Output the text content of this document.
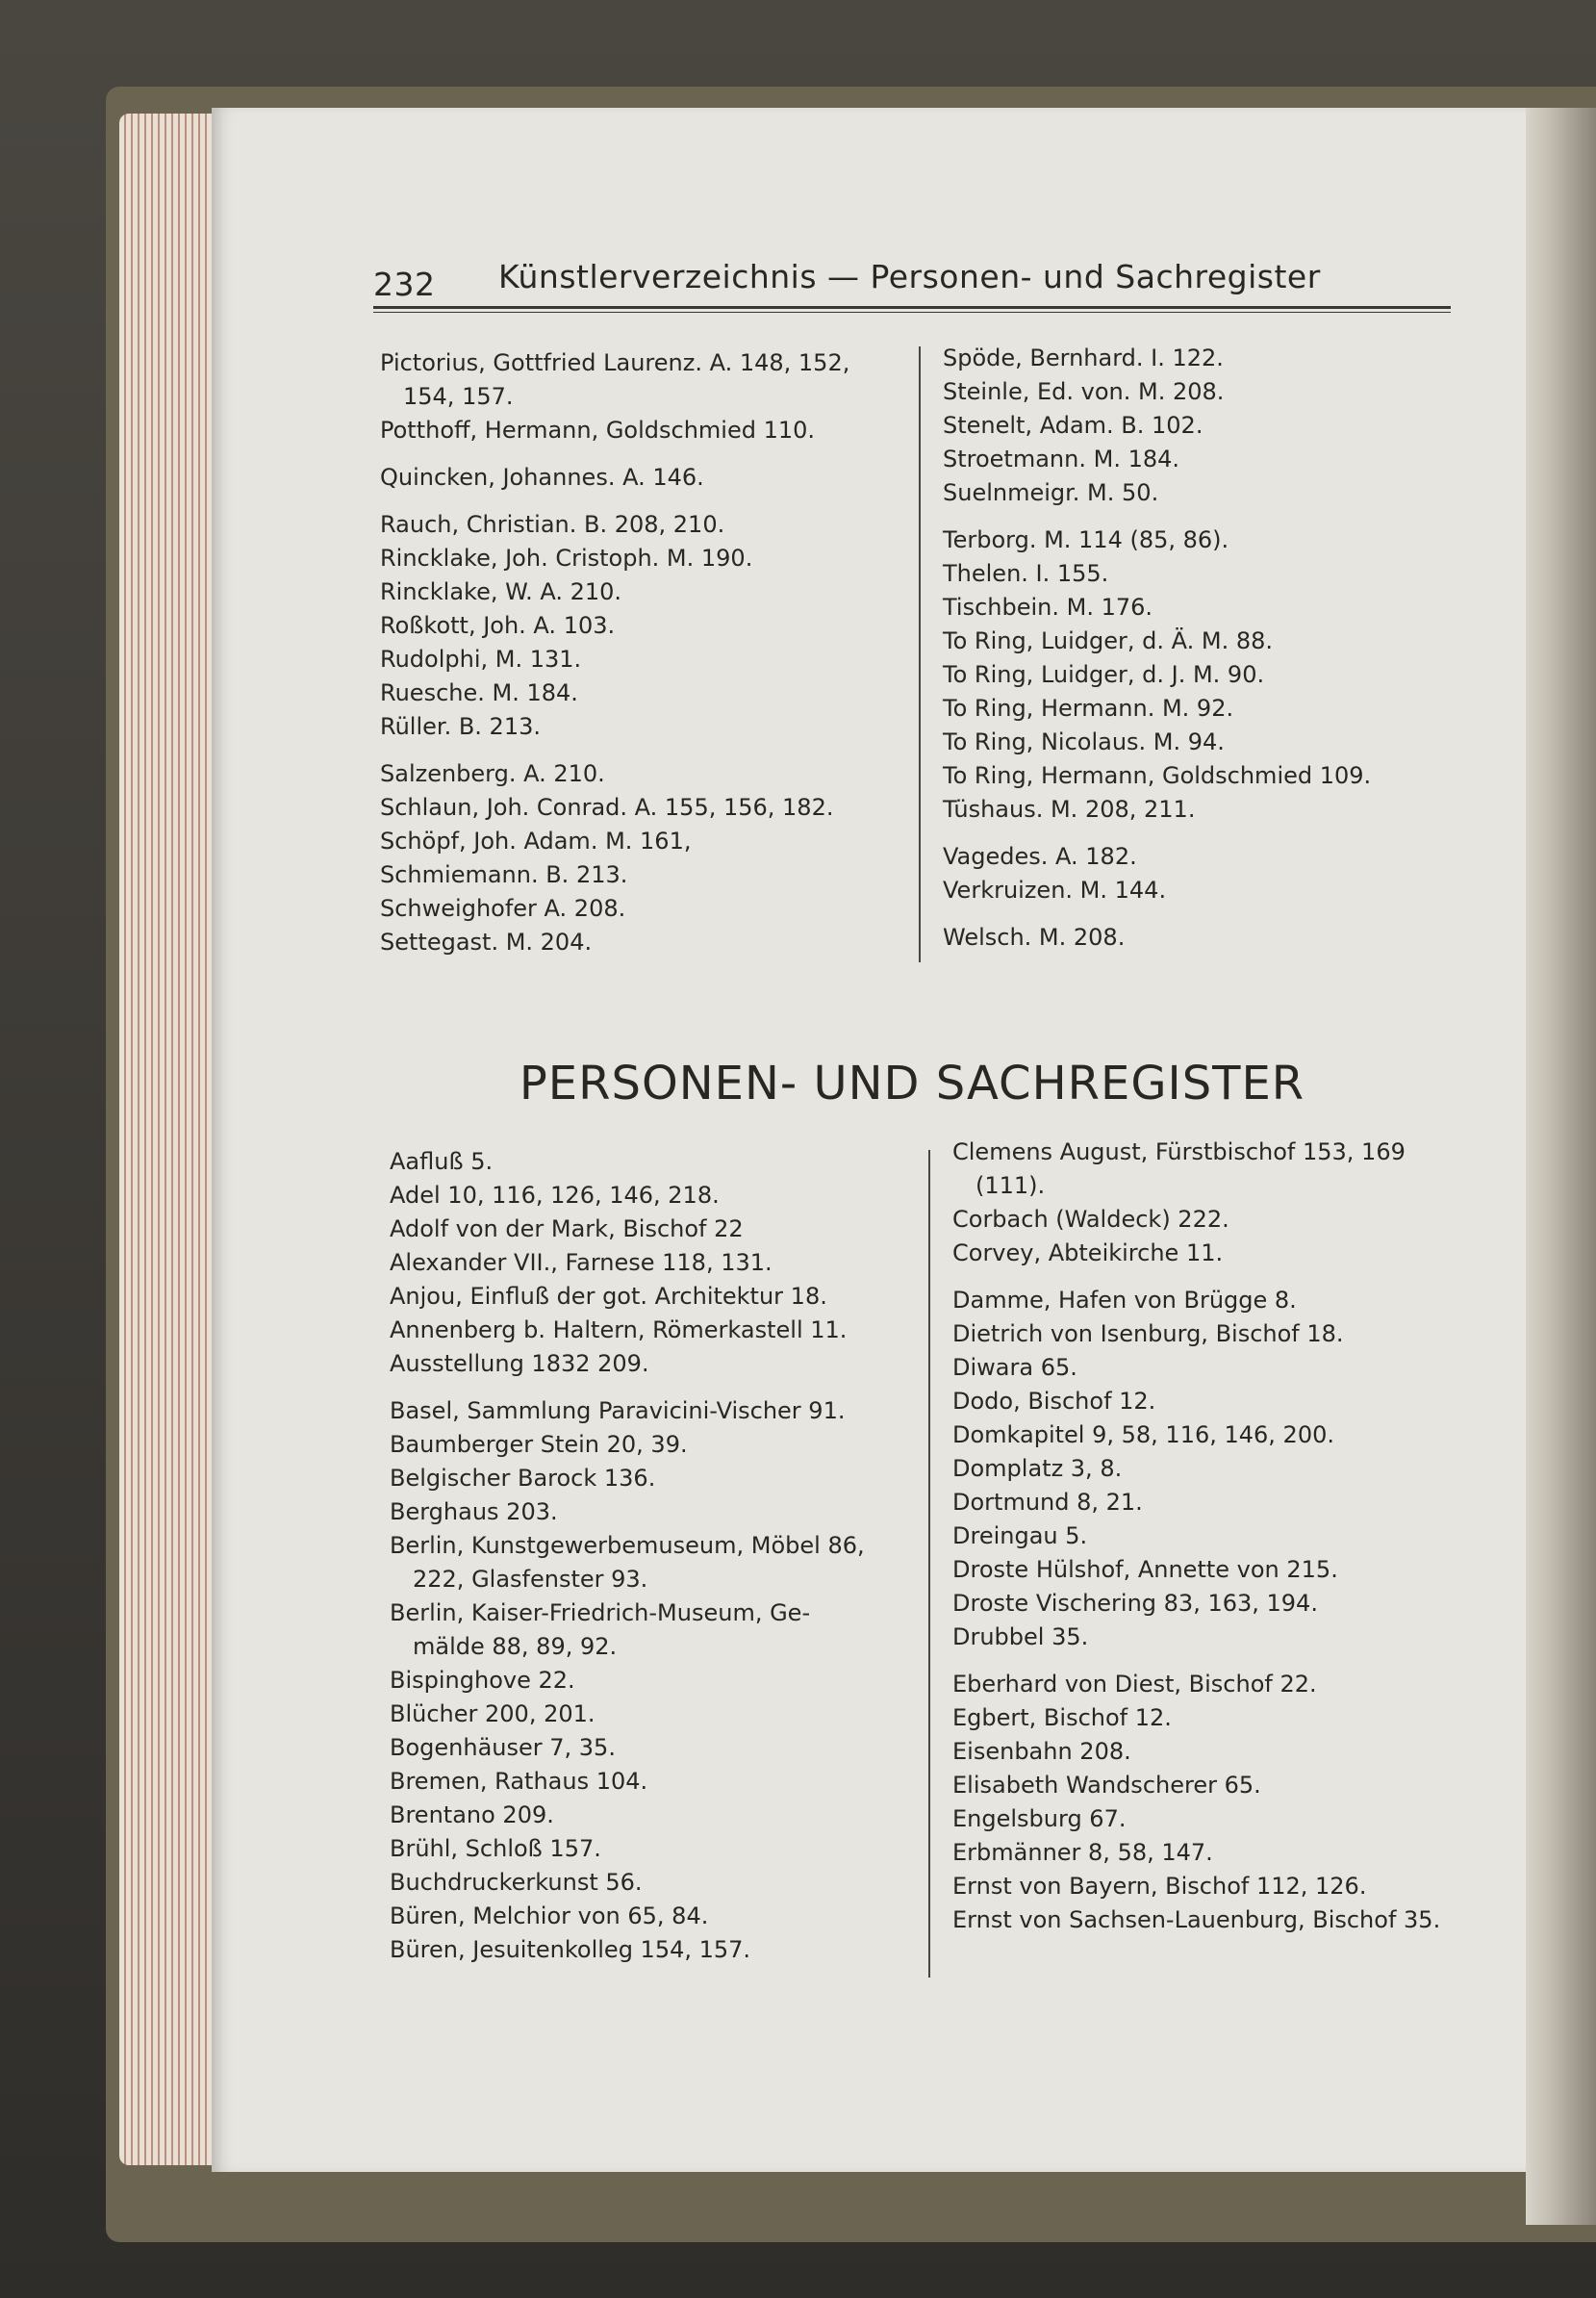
232 Künstlerverzeichnis — Personen- und Sachregister
Pictorius, Gottfried Laurenz. A. 148, 152,
154, 157.
Potthoff, Hermann, Goldschmied 110.
Quincken, Johannes. A. 146.
Rauch, Christian. B. 208, 210.
Rincklake, Joh. Cristoph. M. 190.
Rincklake, W. A. 210.
Roßkott, Joh. A. 103.
Rudolphi, M. 131.
Rueschе. M. 184.
Rüller. B. 213.
Salzenberg. A. 210.
Schlaun, Joh. Conrad. A. 155, 156, 182.
Schöpf, Joh. Adam. M. 161,
Schmiemann. B. 213.
Schweighofer A. 208.
Settegast. M. 204.
Spöde, Bernhard. I. 122.
Steinle, Ed. von. M. 208.
Stenelt, Adam. B. 102.
Stroetmann. M. 184.
Suelnmeigr. M. 50.
Terborg. M. 114 (85, 86).
Thelen. I. 155.
Tischbein. M. 176.
To Ring, Luidger, d. Ä. M. 88.
To Ring, Luidger, d. J. M. 90.
To Ring, Hermann. M. 92.
To Ring, Nicolaus. M. 94.
To Ring, Hermann, Goldschmied 109.
Tüshaus. M. 208, 211.
Vagedes. A. 182.
Verkruizen. M. 144.
Welsch. M. 208.
PERSONEN- UND SACHREGISTER
Aafluß 5.
Adel 10, 116, 126, 146, 218.
Adolf von der Mark, Bischof 22
Alexander VII., Farnese 118, 131.
Anjou, Einfluß der got. Architektur 18.
Annenberg b. Haltern, Römerkastell 11.
Ausstellung 1832 209.
Basel, Sammlung Paravicini-Vischer 91.
Baumberger Stein 20, 39.
Belgischer Barock 136.
Berghaus 203.
Berlin, Kunstgewerbemuseum, Möbel 86,
222, Glasfenster 93.
Berlin, Kaiser-Friedrich-Museum, Ge-
mälde 88, 89, 92.
Bispinghove 22.
Blücher 200, 201.
Bogenhäuser 7, 35.
Bremen, Rathaus 104.
Brentano 209.
Brühl, Schloß 157.
Buchdruckerkunst 56.
Büren, Melchior von 65, 84.
Büren, Jesuitenkolleg 154, 157.
Clemens August, Fürstbischof 153, 169
(111).
Corbach (Waldeck) 222.
Corvey, Abteikirche 11.
Damme, Hafen von Brügge 8.
Dietrich von Isenburg, Bischof 18.
Diwara 65.
Dodo, Bischof 12.
Domkapitel 9, 58, 116, 146, 200.
Domplatz 3, 8.
Dortmund 8, 21.
Dreingau 5.
Droste Hülshof, Annette von 215.
Droste Vischering 83, 163, 194.
Drubbel 35.
Eberhard von Diest, Bischof 22.
Egbert, Bischof 12.
Eisenbahn 208.
Elisabeth Wandscherer 65.
Engelsburg 67.
Erbmänner 8, 58, 147.
Ernst von Bayern, Bischof 112, 126.
Ernst von Sachsen-Lauenburg, Bischof 35.
